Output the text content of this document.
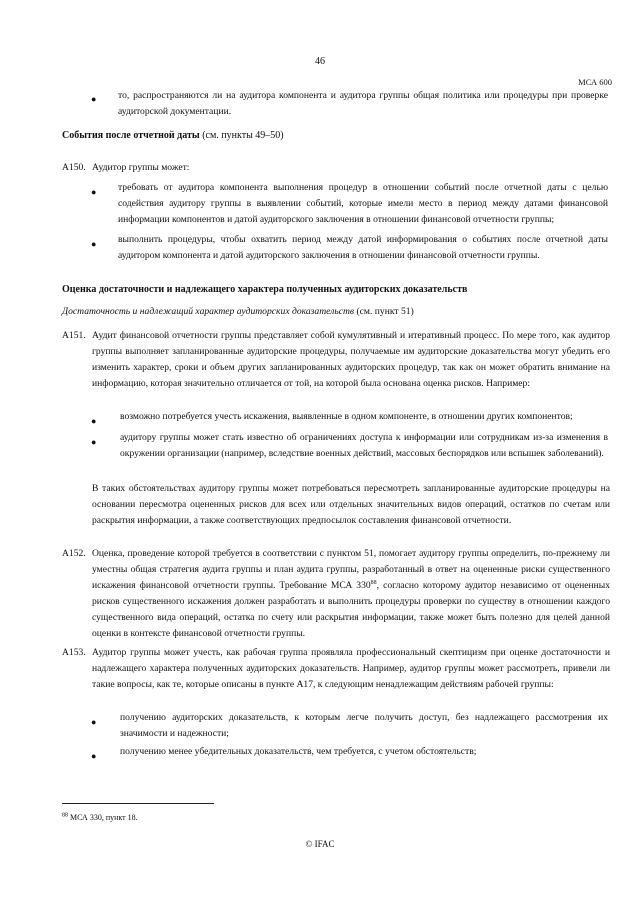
46
МСА 600
●	то, распространяются ли на аудитора компонента и аудитора группы общая политика или процедуры при проверке аудиторской документации.
События после отчетной даты (см. пункты 49–50)
A150. Аудитор группы может:
●	требовать от аудитора компонента выполнения процедур в отношении событий после отчетной даты с целью содействия аудитору группы в выявлении событий, которые имели место в период между датами финансовой информации компонентов и датой аудиторского заключения в отношении финансовой отчетности группы;
●	выполнить процедуры, чтобы охватить период между датой информирования о событиях после отчетной даты аудитором компонента и датой аудиторского заключения в отношении финансовой отчетности группы.
Оценка достаточности и надлежащего характера полученных аудиторских доказательств
Достаточность и надлежащий характер аудиторских доказательств (см. пункт 51)
A151. Аудит финансовой отчетности группы представляет собой кумулятивный и итеративный процесс. По мере того, как аудитор группы выполняет запланированные аудиторские процедуры, получаемые им аудиторские доказательства могут убедить его изменить характер, сроки и объем других запланированных аудиторских процедур, так как он может обратить внимание на информацию, которая значительно отличается от той, на которой была основана оценка рисков. Например:
●	возможно потребуется учесть искажения, выявленные в одном компоненте, в отношении других компонентов;
●	аудитору группы может стать известно об ограничениях доступа к информации или сотрудникам из-за изменения в окружении организации (например, вследствие военных действий, массовых беспорядков или вспышек заболеваний).
В таких обстоятельствах аудитору группы может потребоваться пересмотреть запланированные аудиторские процедуры на основании пересмотра оцененных рисков для всех или отдельных значительных видов операций, остатков по счетам или раскрытия информации, а также соответствующих предпосылок составления финансовой отчетности.
A152. Оценка, проведение которой требуется в соответствии с пунктом 51, помогает аудитору группы определить, по-прежнему ли уместны общая стратегия аудита группы и план аудита группы, разработанный в ответ на оцененные риски существенного искажения финансовой отчетности группы. Требование МСА $330^{88}$, согласно которому аудитор независимо от оцененных рисков существенного искажения должен разработать и выполнить процедуры проверки по существу в отношении каждого существенного вида операций, остатка по счету или раскрытия информации, также может быть полезно для целей данной оценки в контексте финансовой отчетности группы.
A153. Аудитор группы может учесть, как рабочая группа проявляла профессиональный скептицизм при оценке достаточности и надлежащего характера полученных аудиторских доказательств. Например, аудитор группы может рассмотреть, привели ли такие вопросы, как те, которые описаны в пункте A17, к следующим ненадлежащим действиям рабочей группы:
●	получению аудиторских доказательств, к которым легче получить доступ, без надлежащего рассмотрения их значимости и надежности;
●	получению менее убедительных доказательств, чем требуется, с учетом обстоятельств;
$^{88}$ МСА 330, пункт 18.
© IFAC
